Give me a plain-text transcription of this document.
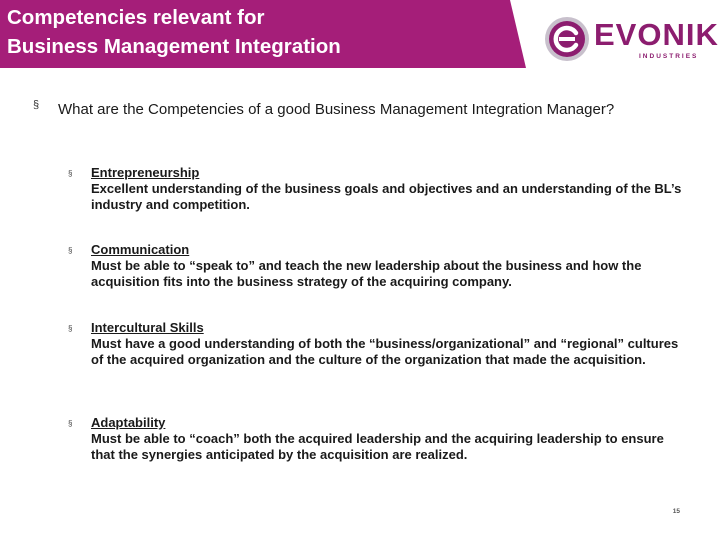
Competencies relevant for
Business Management Integration	EVONIK
INDUSTRIES
§ What are the Competencies of a good Business Management Integration Manager?
§ Entrepreneurship
Excellent understanding of the business goals and objectives and an understanding of the BL’s industry and competition.
§ Communication
Must be able to “speak to” and teach the new leadership about the business and how the acquisition fits into the business strategy of the acquiring company.
§ Intercultural Skills
Must have a good understanding of both the “business/organizational” and “regional” cultures of the acquired organization and the culture of the organization that made the acquisition.
§ Adaptability
Must be able to “coach” both the acquired leadership and the acquiring leadership to ensure that the synergies anticipated by the acquisition are realized.
15
